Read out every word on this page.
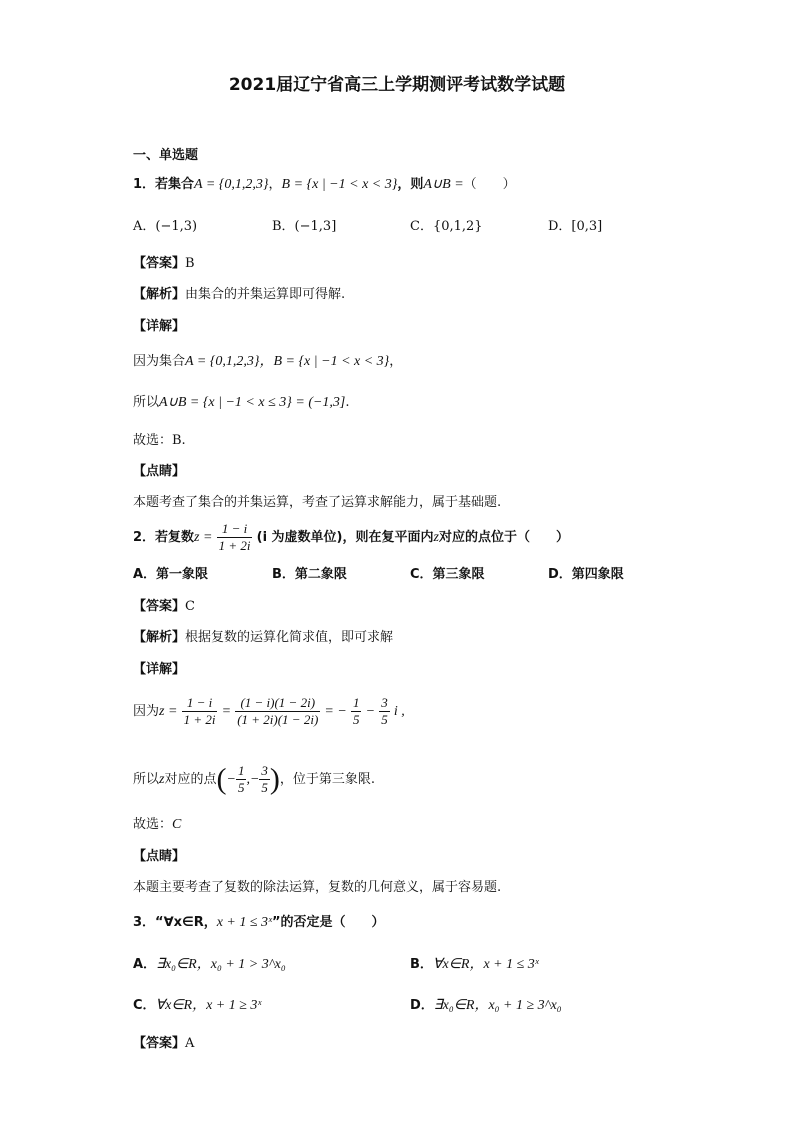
2021届辽宁省高三上学期测评考试数学试题
一、单选题
1．若集合A = {0,1,2,3}，B = {x | −1 < x < 3}，则A∪B =（　　）
A．(−1,3)	B．(−1,3]	C．{0,1,2}	D．[0,3]
【答案】B
【解析】由集合的并集运算即可得解.
【详解】
因为集合A = {0,1,2,3}，B = {x | −1 < x < 3}，
所以A∪B = {x | −1 < x ≤ 3} = (−1,3].
故选：B.
【点睛】
本题考查了集合的并集运算，考查了运算求解能力，属于基础题.
2．若复数$z = \frac{1 - i}{1 + 2i} (i$ 为虚数单位)，则在复平面内z对应的点位于（　　）
A．第一象限	B．第二象限	C．第三象限	D．第四象限
【答案】C
【解析】根据复数的运算化简求值，即可求解
【详解】
因为$z = \frac{1 - i}{1 + 2i} = \frac{(1 - i)(1 - 2i)}{(1 + 2i)(1 - 2i)}$ = − $\frac{1}{5} - \frac{3}{5}$ i ,
所以z对应的点(− $\frac{1}{5}$ ,− $\frac{3}{5}$ )，位于第三象限.
故选：C
【点睛】
本题主要考查了复数的除法运算，复数的几何意义，属于容易题.
3．“∀x∈R，x + 1 ≤ 3ˣ”的否定是（　　）
A．∃x₀∈R，x₀ + 1 > 3^x₀	B．∀x∈R，x + 1 ≤ 3ˣ
C．∀x∈R，x + 1 ≥ 3ˣ	D．∃x₀∈R，x₀ + 1 ≥ 3^x₀
【答案】A
